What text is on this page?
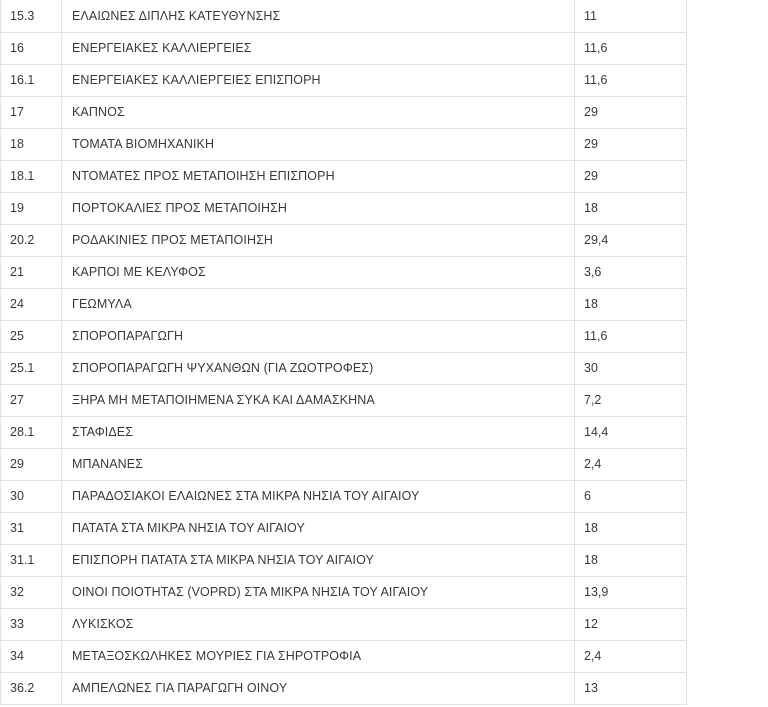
15.3	ΕΛΑΙΩΝΕΣ ΔΙΠΛΗΣ ΚΑΤΕΥΘΥΝΣΗΣ	11
16	ΕΝΕΡΓΕΙΑΚΕΣ ΚΑΛΛΙΕΡΓΕΙΕΣ	11,6
16.1	ΕΝΕΡΓΕΙΑΚΕΣ ΚΑΛΛΙΕΡΓΕΙΕΣ ΕΠΙΣΠΟΡΗ	11,6
17	ΚΑΠΝΟΣ	29
18	ΤΟΜΑΤΑ ΒΙΟΜΗΧΑΝΙΚΗ	29
18.1	ΝΤΟΜΑΤΕΣ ΠΡΟΣ ΜΕΤΑΠΟΙΗΣΗ ΕΠΙΣΠΟΡΗ	29
19	ΠΟΡΤΟΚΑΛΙΕΣ ΠΡΟΣ ΜΕΤΑΠΟΙΗΣΗ	18
20.2	ΡΟΔΑΚΙΝΙΕΣ ΠΡΟΣ ΜΕΤΑΠΟΙΗΣΗ	29,4
21	ΚΑΡΠΟΙ ΜΕ ΚΕΛΥΦΟΣ	3,6
24	ΓΕΩΜΥΛΑ	18
25	ΣΠΟΡΟΠΑΡΑΓΩΓΗ	11,6
25.1	ΣΠΟΡΟΠΑΡΑΓΩΓΗ ΨΥΧΑΝΘΩΝ (ΓΙΑ ΖΩΟΤΡΟΦΕΣ)	30
27	ΞΗΡΑ ΜΗ ΜΕΤΑΠΟΙΗΜΕΝΑ ΣΥΚΑ ΚΑΙ ΔΑΜΑΣΚΗΝΑ	7,2
28.1	ΣΤΑΦΙΔΕΣ	14,4
29	ΜΠΑΝΑΝΕΣ	2,4
30	ΠΑΡΑΔΟΣΙΑΚΟΙ ΕΛΑΙΩΝΕΣ ΣΤΑ ΜΙΚΡΑ ΝΗΣΙΑ ΤΟΥ ΑΙΓΑΙΟΥ	6
31	ΠΑΤΑΤΑ ΣΤΑ ΜΙΚΡΑ ΝΗΣΙΑ ΤΟΥ ΑΙΓΑΙΟΥ	18
31.1	ΕΠΙΣΠΟΡΗ ΠΑΤΑΤΑ ΣΤΑ ΜΙΚΡΑ ΝΗΣΙΑ ΤΟΥ ΑΙΓΑΙΟΥ	18
32	ΟΙΝΟΙ ΠΟΙΟΤΗΤΑΣ (VOPRD) ΣΤΑ ΜΙΚΡΑ ΝΗΣΙΑ ΤΟΥ ΑΙΓΑΙΟΥ	13,9
33	ΛΥΚΙΣΚΟΣ	12
34	ΜΕΤΑΞΟΣΚΩΛΗΚΕΣ ΜΟΥΡΙΕΣ ΓΙΑ ΣΗΡΟΤΡΟΦΙΑ	2,4
36.2	ΑΜΠΕΛΩΝΕΣ ΓΙΑ ΠΑΡΑΓΩΓΗ ΟΙΝΟΥ	13
